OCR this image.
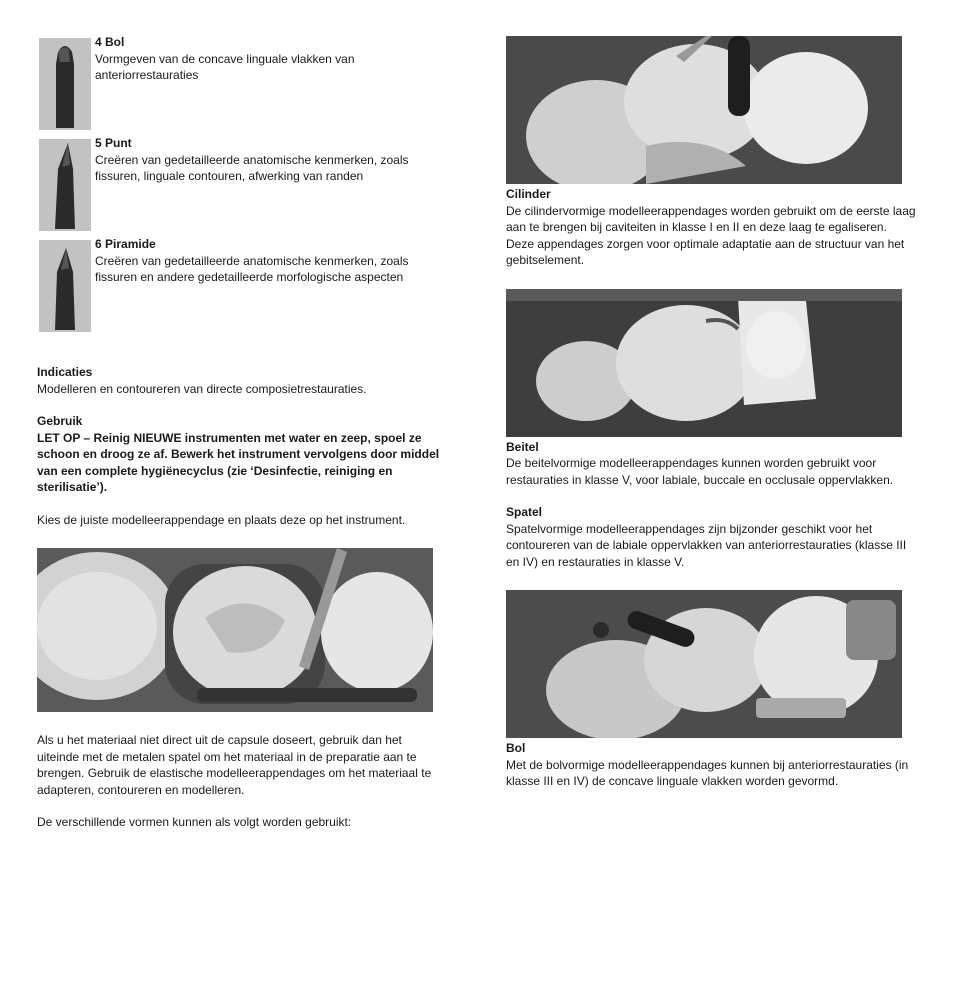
4 Bol

Vormgeven van de concave linguale vlakken van anteriorrestauraties

5 Punt

Creëren van gedetailleerde anatomische kenmerken, zoals fissuren, linguale contouren, afwerking van randen

6 Piramide

Creëren van gedetailleerde anatomische kenmerken, zoals fissuren en andere gedetailleerde morfologische aspecten

Indicaties

Modelleren en contoureren van directe composietrestauraties.

Gebruik

LET OP – Reinig NIEUWE instrumenten met water en zeep, spoel ze schoon en droog ze af. Bewerk het instrument vervolgens door middel van een complete hygiënecyclus (zie ‘Desinfectie, reiniging en sterilisatie’).

Kies de juiste modelleerappendage en plaats deze op het instrument.

Als u het materiaal niet direct uit de capsule doseert, gebruik dan het uiteinde met de metalen spatel om het materiaal in de preparatie aan te brengen. Gebruik de elastische modelleerappendages om het materiaal te adapteren, contoureren en modelleren.

De verschillende vormen kunnen als volgt worden gebruikt:

Cilinder

De cilindervormige modelleerappendages worden gebruikt om de eerste laag aan te brengen bij caviteiten in klasse I en II en deze laag te egaliseren. Deze appendages zorgen voor optimale adaptatie aan de structuur van het gebitselement.

Beitel

De beitelvormige modelleerappendages kunnen worden gebruikt voor restauraties in klasse V, voor labiale, buccale en occlusale oppervlakken.

Spatel

Spatelvormige modelleerappendages zijn bijzonder geschikt voor het contoureren van de labiale oppervlakken van anteriorrestauraties (klasse III en IV) en restauraties in klasse V.

Bol

Met de bolvormige modelleerappendages kunnen bij anteriorrestauraties (in klasse III en IV) de concave linguale vlakken worden gevormd.
